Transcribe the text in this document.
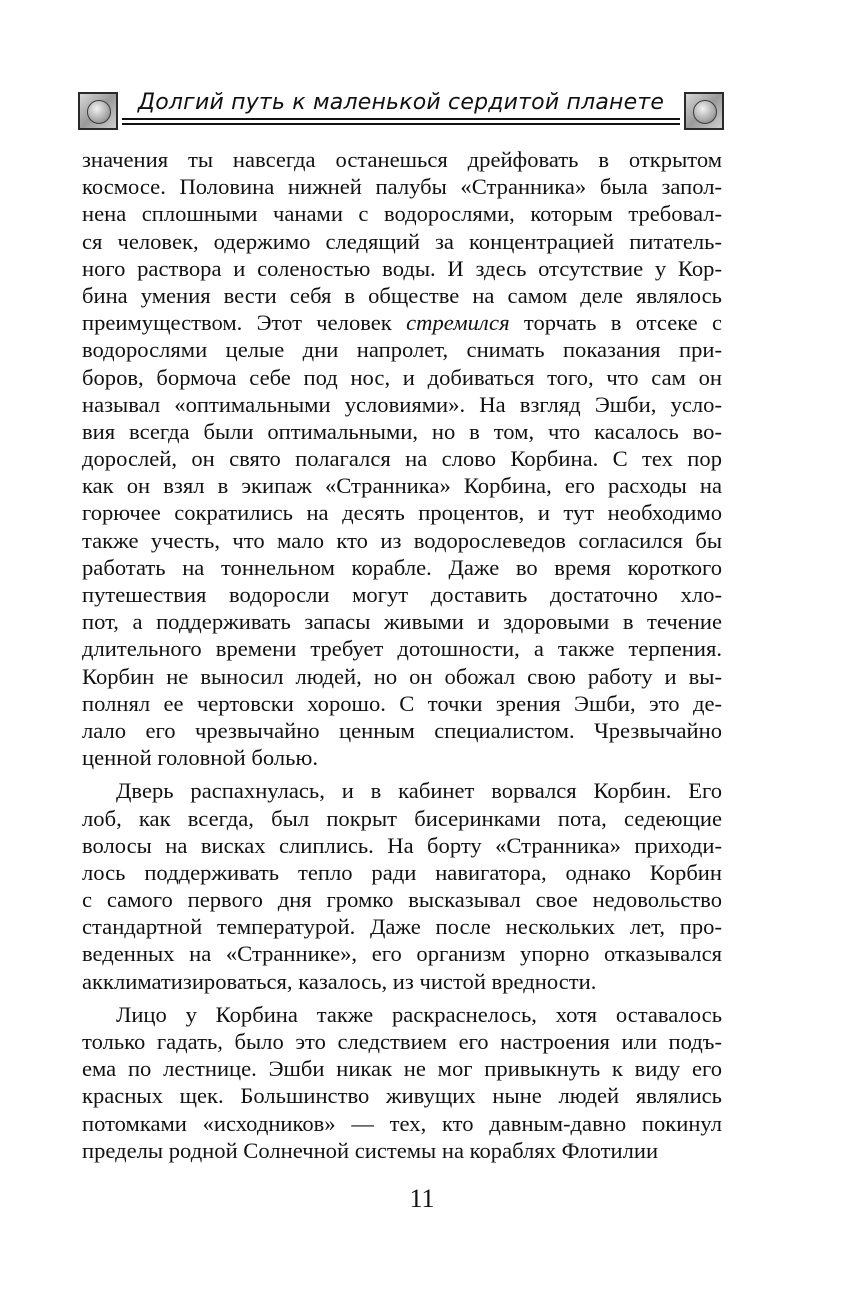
Долгий путь к маленькой сердитой планете
значения ты навсегда останешься дрейфовать в открытом
космосе. Половина нижней палубы «Странника» была запол-
нена сплошными чанами с водорослями, которым требовал-
ся человек, одержимо следящий за концентрацией питатель-
ного раствора и соленостью воды. И здесь отсутствие у Кор-
бина умения вести себя в обществе на самом деле являлось
преимуществом. Этот человек стремился торчать в отсеке с
водорослями целые дни напролет, снимать показания при-
боров, бормоча себе под нос, и добиваться того, что сам он
называл «оптимальными условиями». На взгляд Эшби, усло-
вия всегда были оптимальными, но в том, что касалось во-
дорослей, он свято полагался на слово Корбина. С тех пор
как он взял в экипаж «Странника» Корбина, его расходы на
горючее сократились на десять процентов, и тут необходимо
также учесть, что мало кто из водорослеведов согласился бы
работать на тоннельном корабле. Даже во время короткого
путешествия водоросли могут доставить достаточно хло-
пот, а поддерживать запасы живыми и здоровыми в течение
длительного времени требует дотошности, а также терпения.
Корбин не выносил людей, но он обожал свою работу и вы-
полнял ее чертовски хорошо. С точки зрения Эшби, это де-
лало его чрезвычайно ценным специалистом. Чрезвычайно
ценной головной болью.
Дверь распахнулась, и в кабинет ворвался Корбин. Его
лоб, как всегда, был покрыт бисеринками пота, седеющие
волосы на висках слиплись. На борту «Странника» приходи-
лось поддерживать тепло ради навигатора, однако Корбин
с самого первого дня громко высказывал свое недовольство
стандартной температурой. Даже после нескольких лет, про-
веденных на «Страннике», его организм упорно отказывался
акклиматизироваться, казалось, из чистой вредности.
Лицо у Корбина также раскраснелось, хотя оставалось
только гадать, было это следствием его настроения или подъ-
ема по лестнице. Эшби никак не мог привыкнуть к виду его
красных щек. Большинство живущих ныне людей являлись
потомками «исходников» — тех, кто давным-давно покинул
пределы родной Солнечной системы на кораблях Флотилии
11
